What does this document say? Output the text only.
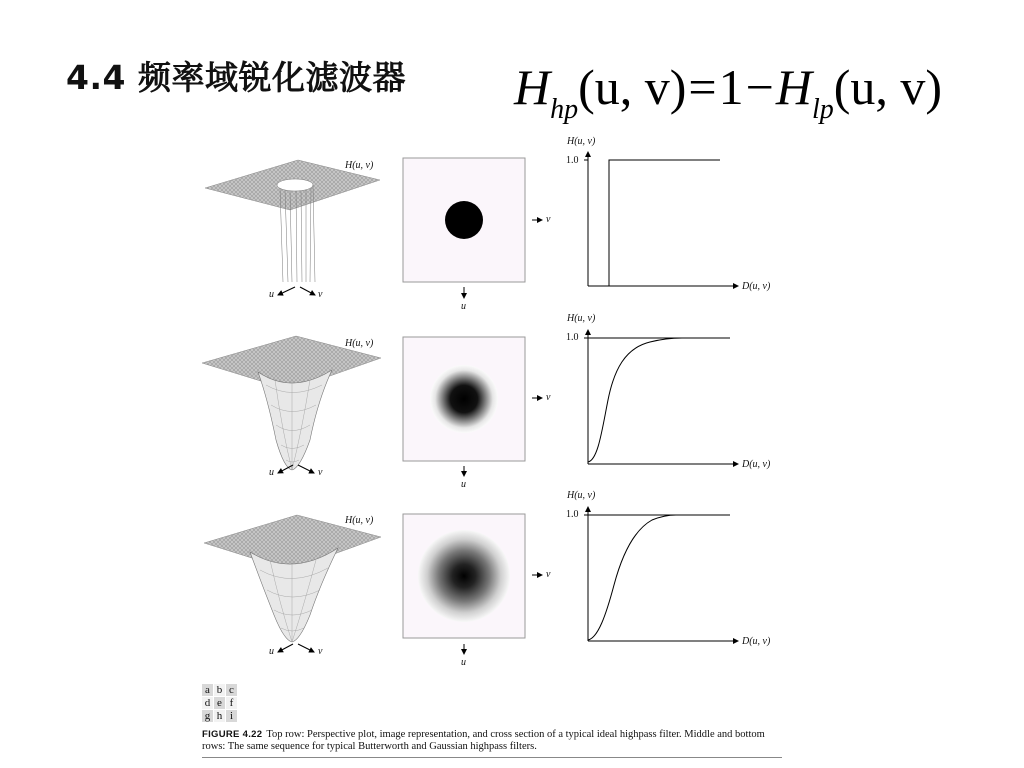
4.4 频率域锐化滤波器 $H_{hp}(u$, $v)=1-H_{lp}(u$, v)
H(u, v)
u	v
v
u
H(u, v)
1.0
D(u, v)
H(u, v)
u	v
v
u
H(u, v)
1.0
D(u, v)
H(u, v)
u	v
v
u
H(u, v)
1.0
D(u, v)
a b c
d e f
g h i
FIGURE 4.22 Top row: Perspective plot, image representation, and cross section of a typical ideal highpass filter. Middle and bottom rows: The same sequence for typical Butterworth and Gaussian highpass filters.
